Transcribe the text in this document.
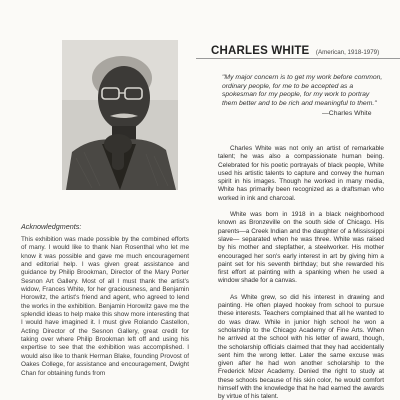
Acknowledgments:
This exhibition was made possible by the combined efforts of many. I would like to thank Nan Rosenthal who let me know it was possible and gave me much encouragement and editorial help. I was given great assistance and guidance by Philip Brookman, Director of the Mary Porter Sesnon Art Gallery. Most of all I must thank the artist's widow, Frances White, for her graciousness, and Benjamin Horowitz, the artist's friend and agent, who agreed to lend the works in the exhibition. Benjamin Horowitz gave me the splendid ideas to help make this show more interesting that I would have imagined it. I must give Rolando Castellon, Acting Director of the Sesnon Gallery, great credit for taking over where Philip Brookman left off and using his expertise to see that the exhibition was accomplished. I would also like to thank Herman Blake, founding Provost of Oakes College, for assistance and encouragement, Dwight Chan for obtaining funds from
CHARLES WHITE (American, 1918-1979)
"My major concern is to get my work before common, ordinary people, for me to be accepted as a spokesman for my people, for my work to portray them better and to be rich and meaningful to them."
—Charles White

Charles White was not only an artist of remarkable talent; he was also a compassionate human being. Celebrated for his poetic portrayals of black people, White used his artistic talents to capture and convey the human spirit in his images. Though he worked in many media, White has primarily been recognized as a draftsman who worked in ink and charcoal.

White was born in 1918 in a black neighborhood known as Bronzeville on the south side of Chicago. His parents—a Creek Indian and the daughter of a Mississippi slave— separated when he was three. White was raised by his mother and stepfather, a steelworker. His mother encouraged her son's early interest in art by giving him a paint set for his seventh birthday; but she rewarded his first effort at painting with a spanking when he used a window shade for a canvas.

As White grew, so did his interest in drawing and painting. He often played hookey from school to pursue these interests. Teachers complained that all he wanted to do was draw. While in junior high school he won a scholarship to the Chicago Academy of Fine Arts. When he arrived at the school with his letter of award, though, the scholarship officials claimed that they had accidentally sent him the wrong letter. Later the same excuse was given after he had won another scholarship to the Frederick Mizer Academy. Denied the right to study at these schools because of his skin color, he would comfort himself with the knowledge that he had earned the awards by virtue of his talent.
